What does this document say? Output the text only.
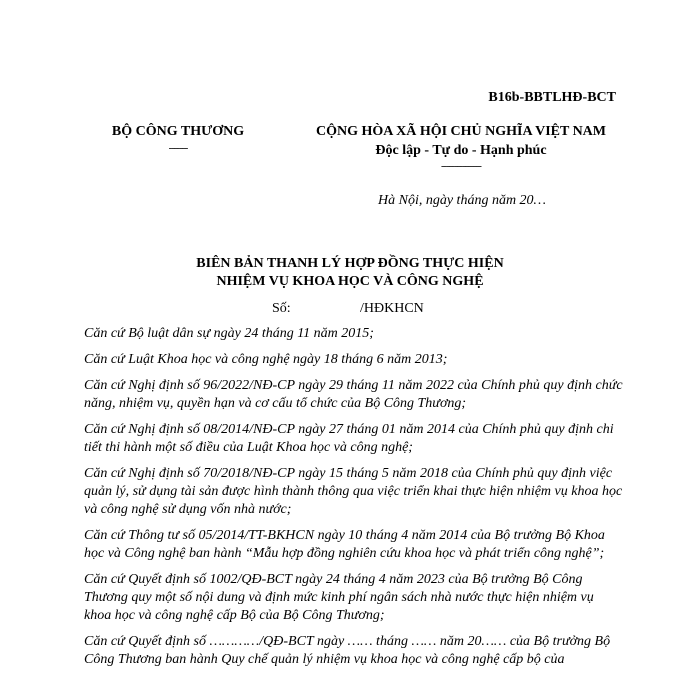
B16b-BBTLHĐ-BCT
BỘ CÔNG THƯƠNG
-------
CỘNG HÒA XÃ HỘI CHỦ NGHĨA VIỆT NAM
Độc lập - Tự do - Hạnh phúc
---------------
Hà Nội, ngày tháng năm 20…
BIÊN BẢN THANH LÝ HỢP ĐỒNG THỰC HIỆN
NHIỆM VỤ KHOA HỌC VÀ CÔNG NGHỆ
Số:	/HĐKHCN

Căn cứ Bộ luật dân sự ngày 24 tháng 11 năm 2015;

Căn cứ Luật Khoa học và công nghệ ngày 18 tháng 6 năm 2013;

Căn cứ Nghị định số 96/2022/NĐ-CP ngày 29 tháng 11 năm 2022 của Chính phủ quy định chức năng, nhiệm vụ, quyền hạn và cơ cấu tổ chức của Bộ Công Thương;

Căn cứ Nghị định số 08/2014/NĐ-CP ngày 27 tháng 01 năm 2014 của Chính phủ quy định chi tiết thi hành một số điều của Luật Khoa học và công nghệ;

Căn cứ Nghị định số 70/2018/NĐ-CP ngày 15 tháng 5 năm 2018 của Chính phủ quy định việc quản lý, sử dụng tài sản được hình thành thông qua việc triển khai thực hiện nhiệm vụ khoa học và công nghệ sử dụng vốn nhà nước;

Căn cứ Thông tư số 05/2014/TT-BKHCN ngày 10 tháng 4 năm 2014 của Bộ trưởng Bộ Khoa học và Công nghệ ban hành “Mẫu hợp đồng nghiên cứu khoa học và phát triển công nghệ”;

Căn cứ Quyết định số 1002/QĐ-BCT ngày 24 tháng 4 năm 2023 của Bộ trưởng Bộ Công Thương quy một số nội dung và định mức kinh phí ngân sách nhà nước thực hiện nhiệm vụ khoa học và công nghệ cấp Bộ của Bộ Công Thương;

Căn cứ Quyết định số …………/QĐ-BCT ngày …… tháng …… năm 20…… của Bộ trưởng Bộ Công Thương ban hành Quy chế quản lý nhiệm vụ khoa học và công nghệ cấp bộ của
